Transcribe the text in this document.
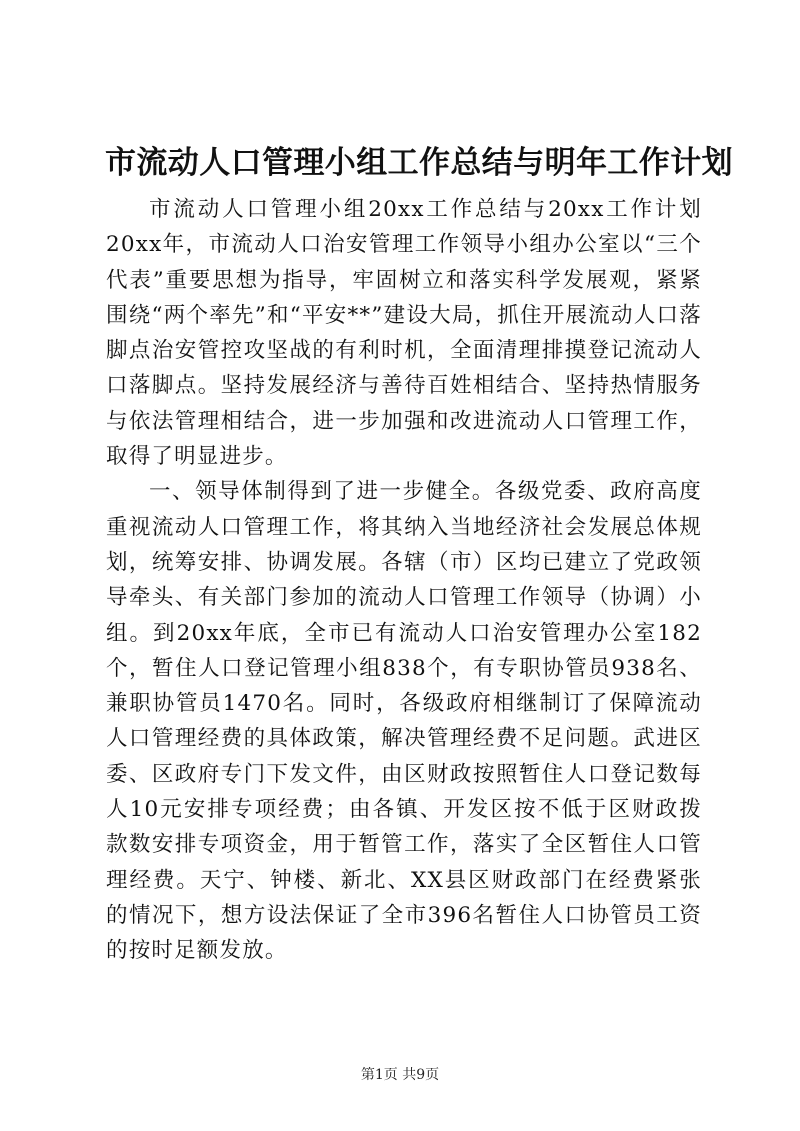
市流动人口管理小组工作总结与明年工作计划

市流动人口管理小组20xx工作总结与20xx工作计划20xx年，市流动人口治安管理工作领导小组办公室以“三个代表”重要思想为指导，牢固树立和落实科学发展观，紧紧围绕“两个率先”和“平安**”建设大局，抓住开展流动人口落脚点治安管控攻坚战的有利时机，全面清理排摸登记流动人口落脚点。坚持发展经济与善待百姓相结合、坚持热情服务与依法管理相结合，进一步加强和改进流动人口管理工作，取得了明显进步。

一、领导体制得到了进一步健全。各级党委、政府高度重视流动人口管理工作，将其纳入当地经济社会发展总体规划，统筹安排、协调发展。各辖（市）区均已建立了党政领导牵头、有关部门参加的流动人口管理工作领导（协调）小组。到20xx年底，全市已有流动人口治安管理办公室182个，暂住人口登记管理小组838个，有专职协管员938名、兼职协管员1470名。同时，各级政府相继制订了保障流动人口管理经费的具体政策，解决管理经费不足问题。武进区委、区政府专门下发文件，由区财政按照暂住人口登记数每人10元安排专项经费；由各镇、开发区按不低于区财政拨款数安排专项资金，用于暂管工作，落实了全区暂住人口管理经费。天宁、钟楼、新北、XX县区财政部门在经费紧张的情况下，想方设法保证了全市396名暂住人口协管员工资的按时足额发放。

第1页 共9页
